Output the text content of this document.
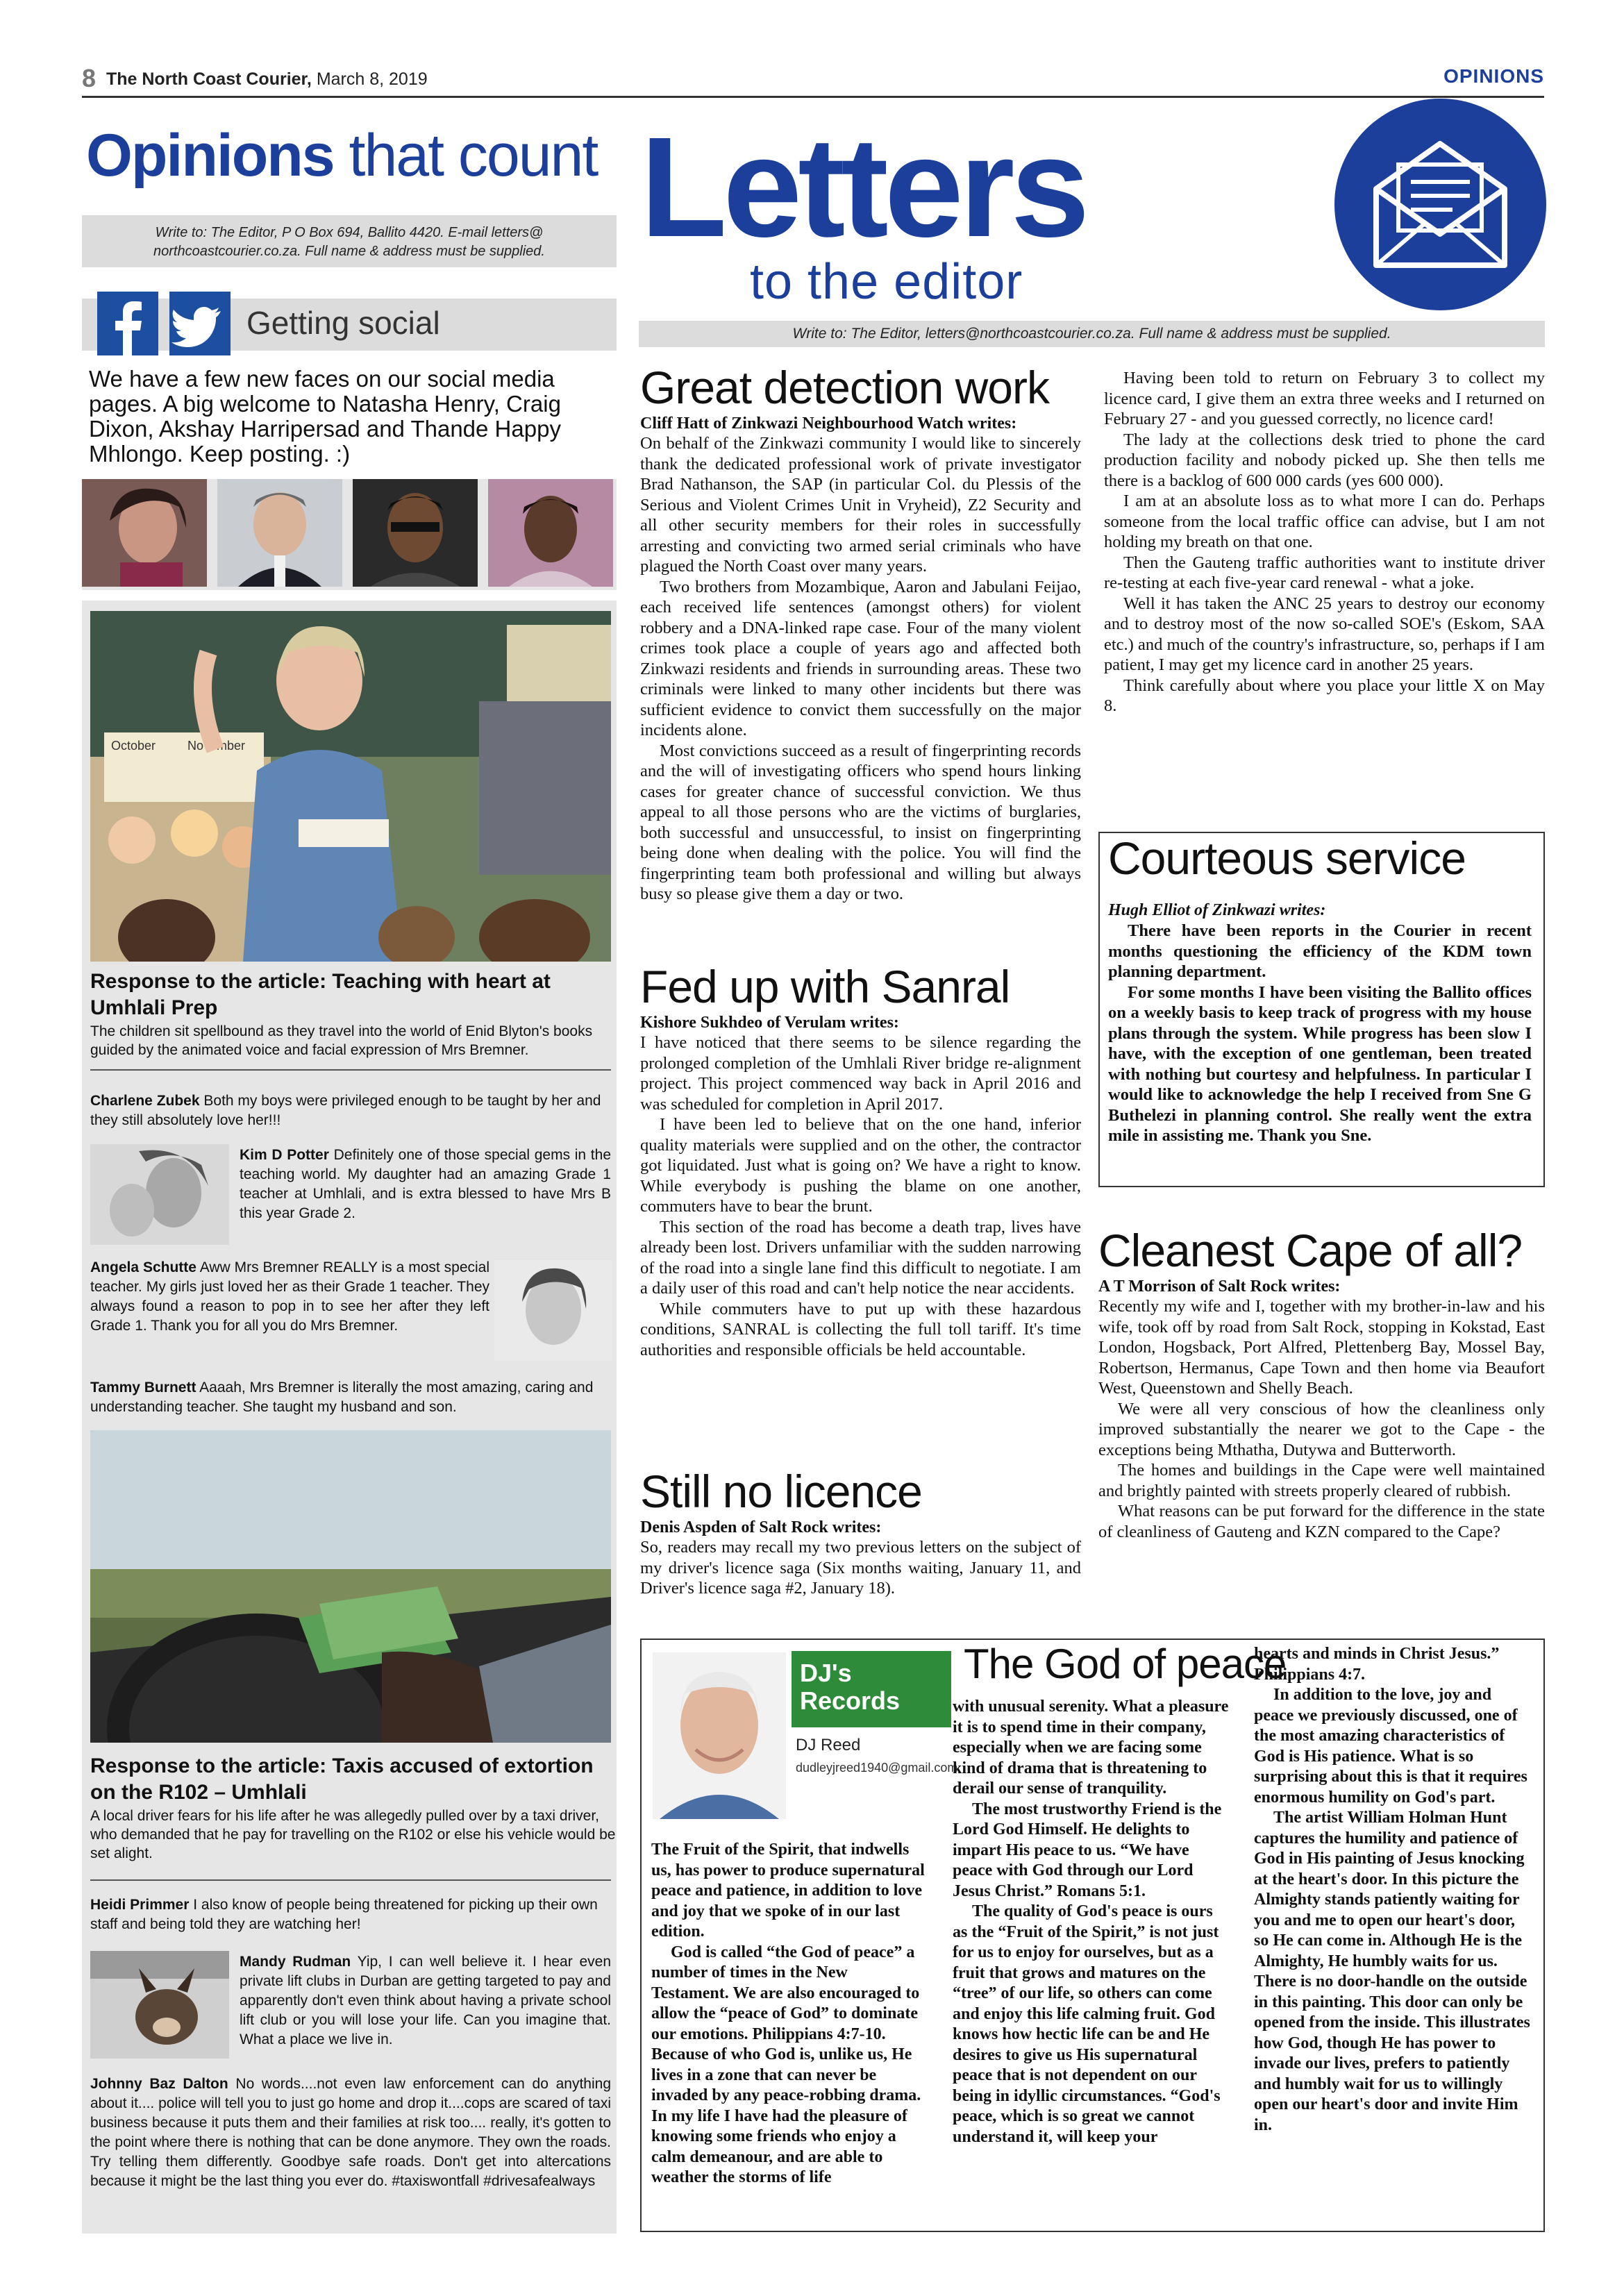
8 The North Coast Courier, March 8, 2019	OPINIONS
Opinions that count
Write to: The Editor, P O Box 694, Ballito 4420. E-mail letters@
northcoastcourier.co.za. Full name & address must be supplied.
Getting social
We have a few new faces on our social media pages. A big welcome to Natasha Henry, Craig Dixon, Akshay Harripersad and Thande Happy Mhlongo. Keep posting. :)
October	November
Response to the article: Teaching with heart at Umhlali Prep
The children sit spellbound as they travel into the world of Enid Blyton's books guided by the animated voice and facial expression of Mrs Bremner.
Charlene Zubek Both my boys were privileged enough to be taught by her and they still absolutely love her!!!
Kim D Potter Definitely one of those special gems in the teaching world. My daughter had an amazing Grade 1 teacher at Umhlali, and is extra blessed to have Mrs B this year Grade 2.
Angela Schutte Aww Mrs Bremner REALLY is a most special teacher. My girls just loved her as their Grade 1 teacher. They always found a reason to pop in to see her after they left Grade 1. Thank you for all you do Mrs Bremner.
Tammy Burnett Aaaah, Mrs Bremner is literally the most amazing, caring and understanding teacher. She taught my husband and son.
Response to the article: Taxis accused of extortion on the R102 – Umhlali
A local driver fears for his life after he was allegedly pulled over by a taxi driver, who demanded that he pay for travelling on the R102 or else his vehicle would be set alight.
Heidi Primmer I also know of people being threatened for picking up their own staff and being told they are watching her!
Mandy Rudman Yip, I can well believe it. I hear even private lift clubs in Durban are getting targeted to pay and apparently don't even think about having a private school lift club or you will lose your life. Can you imagine that. What a place we live in.
Johnny Baz Dalton No words....not even law enforcement can do anything about it.... police will tell you to just go home and drop it....cops are scared of taxi business because it puts them and their families at risk too.... really, it's gotten to the point where there is nothing that can be done anymore. They own the roads. Try telling them differently. Goodbye safe roads. Don't get into altercations because it might be the last thing you ever do. #taxiswontfall #drivesafealways
Letters
to the editor
Write to: The Editor, letters@northcoastcourier.co.za. Full name & address must be supplied.
Great detection work
Cliff Hatt of Zinkwazi Neighbourhood Watch writes:

On behalf of the Zinkwazi community I would like to sincerely thank the dedicated professional work of private investigator Brad Nathanson, the SAP (in particular Col. du Plessis of the Serious and Violent Crimes Unit in Vryheid), Z2 Security and all other security members for their roles in successfully arresting and convicting two armed serial criminals who have plagued the North Coast over many years.

Two brothers from Mozambique, Aaron and Jabulani Feijao, each received life sentences (amongst others) for violent robbery and a DNA-linked rape case. Four of the many violent crimes took place a couple of years ago and affected both Zinkwazi residents and friends in surrounding areas. These two criminals were linked to many other incidents but there was sufficient evidence to convict them successfully on the major incidents alone.

Most convictions succeed as a result of fingerprinting records and the will of investigating officers who spend hours linking cases for greater chance of successful conviction. We thus appeal to all those persons who are the victims of burglaries, both successful and unsuccessful, to insist on fingerprinting being done when dealing with the police. You will find the fingerprinting team both professional and willing but always busy so please give them a day or two.

Fed up with Sanral
Kishore Sukhdeo of Verulam writes:

I have noticed that there seems to be silence regarding the prolonged completion of the Umhlali River bridge re-alignment project. This project commenced way back in April 2016 and was scheduled for completion in April 2017.

I have been led to believe that on the one hand, inferior quality materials were supplied and on the other, the contractor got liquidated. Just what is going on? We have a right to know. While everybody is pushing the blame on one another, commuters have to bear the brunt.

This section of the road has become a death trap, lives have already been lost. Drivers unfamiliar with the sudden narrowing of the road into a single lane find this difficult to negotiate. I am a daily user of this road and can't help notice the near accidents.

While commuters have to put up with these hazardous conditions, SANRAL is collecting the full toll tariff. It's time authorities and responsible officials be held accountable.

Still no licence
Denis Aspden of Salt Rock writes:

So, readers may recall my two previous letters on the subject of my driver's licence saga (Six months waiting, January 11, and Driver's licence saga #2, January 18).

Having been told to return on February 3 to collect my licence card, I give them an extra three weeks and I returned on February 27 - and you guessed correctly, no licence card!

The lady at the collections desk tried to phone the card production facility and nobody picked up. She then tells me there is a backlog of 600 000 cards (yes 600 000).

I am at an absolute loss as to what more I can do. Perhaps someone from the local traffic office can advise, but I am not holding my breath on that one.

Then the Gauteng traffic authorities want to institute driver re-testing at each five-year card renewal - what a joke.

Well it has taken the ANC 25 years to destroy our economy and to destroy most of the now so-called SOE's (Eskom, SAA etc.) and much of the country's infrastructure, so, perhaps if I am patient, I may get my licence card in another 25 years.

Think carefully about where you place your little X on May 8.

Courteous service
Hugh Elliot of Zinkwazi writes:

There have been reports in the Courier in recent months questioning the efficiency of the KDM town planning department.

For some months I have been visiting the Ballito offices on a weekly basis to keep track of progress with my house plans through the system. While progress has been slow I have, with the exception of one gentleman, been treated with nothing but courtesy and helpfulness. In particular I would like to acknowledge the help I received from Sne G Buthelezi in planning control. She really went the extra mile in assisting me. Thank you Sne.

Cleanest Cape of all?
A T Morrison of Salt Rock writes:

Recently my wife and I, together with my brother-in-law and his wife, took off by road from Salt Rock, stopping in Kokstad, East London, Hogsback, Port Alfred, Plettenberg Bay, Mossel Bay, Robertson, Hermanus, Cape Town and then home via Beaufort West, Queenstown and Shelly Beach.

We were all very conscious of how the cleanliness only improved substantially the nearer we got to the Cape - the exceptions being Mthatha, Dutywa and Butterworth.

The homes and buildings in the Cape were well maintained and brightly painted with streets properly cleared of rubbish.

What reasons can be put forward for the difference in the state of cleanliness of Gauteng and KZN compared to the Cape?

DJ's
Records
DJ Reed
dudleyjreed1940@gmail.com
The God of peace

The Fruit of the Spirit, that indwells us, has power to produce supernatural peace and patience, in addition to love and joy that we spoke of in our last edition.

God is called “the God of peace” a number of times in the New Testament. We are also encouraged to allow the “peace of God” to dominate our emotions. Philippians 4:7-10. Because of who God is, unlike us, He lives in a zone that can never be invaded by any peace-robbing drama. In my life I have had the pleasure of knowing some friends who enjoy a calm demeanour, and are able to weather the storms of life

with unusual serenity. What a pleasure it is to spend time in their company, especially when we are facing some kind of drama that is threatening to derail our sense of tranquility.

The most trustworthy Friend is the Lord God Himself. He delights to impart His peace to us. “We have peace with God through our Lord Jesus Christ.” Romans 5:1.

The quality of God's peace is ours as the “Fruit of the Spirit,” is not just for us to enjoy for ourselves, but as a fruit that grows and matures on the “tree” of our life, so others can come and enjoy this life calming fruit. God knows how hectic life can be and He desires to give us His supernatural peace that is not dependent on our being in idyllic circumstances. “God's peace, which is so great we cannot understand it, will keep your

hearts and minds in Christ Jesus.” Philippians 4:7.

In addition to the love, joy and peace we previously discussed, one of the most amazing characteristics of God is His patience. What is so surprising about this is that it requires enormous humility on God's part.

The artist William Holman Hunt captures the humility and patience of God in His painting of Jesus knocking at the heart's door. In this picture the Almighty stands patiently waiting for you and me to open our heart's door, so He can come in. Although He is the Almighty, He humbly waits for us. There is no door-handle on the outside in this painting. This door can only be opened from the inside. This illustrates how God, though He has power to invade our lives, prefers to patiently and humbly wait for us to willingly open our heart's door and invite Him in.
